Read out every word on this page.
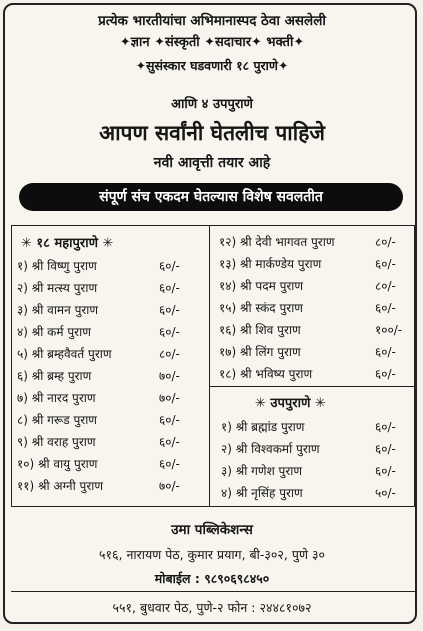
प्रत्येक भारतीयांचा अभिमानास्पद ठेवा असलेली
✦ज्ञान ✦संस्कृती ✦सदाचार✦ भक्ती✦
✦सुसंस्कार घडवणारी १८ पुराणे✦
आणि ४ उपपुराणे
आपण सर्वांनी घेतलीच पाहिजे
नवी आवृत्ती तयार आहे
संपूर्ण संच एकदम घेतल्यास विशेष सवलतीत
✳ १८ महापुराणे ✳
१) श्री विष्णु पुराण	६०/-
२) श्री मत्स्य पुराण	६०/-
३) श्री वामन पुराण	६०/-
४) श्री कर्म पुराण	६०/-
५) श्री ब्रम्हवैवर्त पुराण	८०/-
६) श्री ब्रम्ह पुराण	७०/-
७) श्री नारद पुराण	७०/-
८) श्री गरूड पुराण	६०/-
९) श्री वराह पुराण	६०/-
१०) श्री वायु पुराण	६०/-
११) श्री अग्नी पुराण	७०/-
१२) श्री देवी भागवत पुराण	८०/-
१३) श्री मार्कण्डेय पुराण	६०/-
१४) श्री पदम पुराण	८०/-
१५) श्री स्कंद पुराण	६०/-
१६) श्री शिव पुराण	१००/-
१७) श्री लिंग पुराण	६०/-
१८) श्री भविष्य पुराण	६०/-
✳ उपपुराणे ✳
१) श्री ब्रह्मांड पुराण	६०/-
२) श्री विश्वकर्मा पुराण	६०/-
३) श्री गणेश पुराण	६०/-
४) श्री नृसिंह पुराण	५०/-
उमा पब्लिकेशन्स
५१६, नारायण पेठ, कुमार प्रयाग, बी-३०२, पुणे ३०
मोबाईल : ९८९०६९८४५०
५५१, बुधवार पेठ, पुणे-२ फोन : २४४८१०७२
